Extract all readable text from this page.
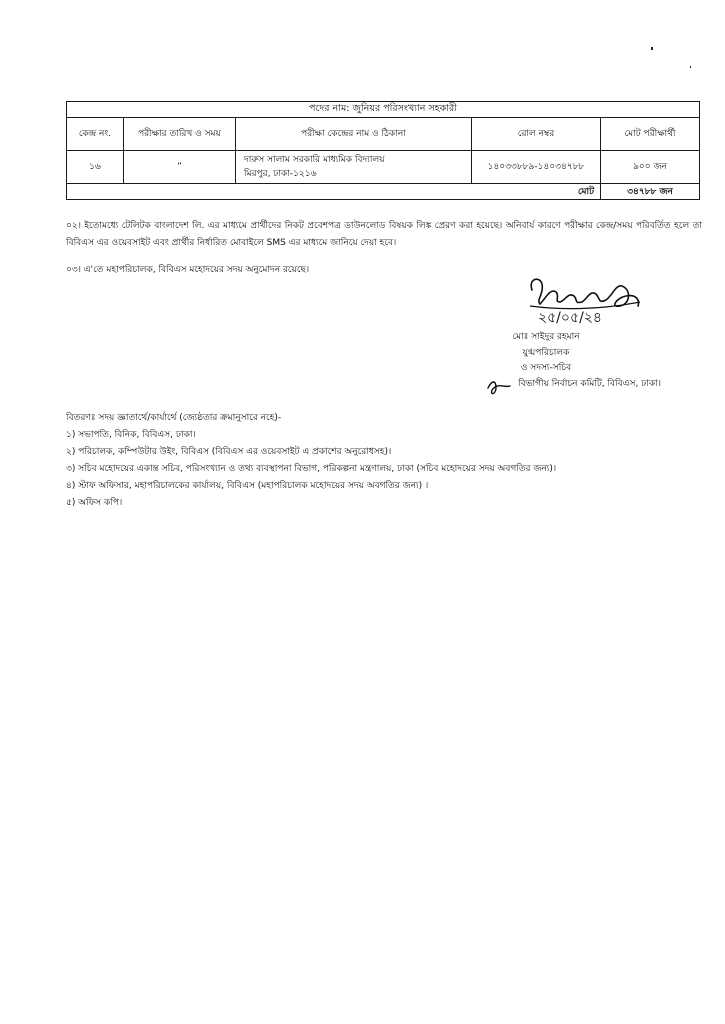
পদের নাম: জুনিয়র পরিসংখ্যান সহকারী				
কেন্দ্র নং.	পরীক্ষার তারিখ ও সময়	পরীক্ষা কেন্দ্রের নাম ও ঠিকানা	রোল নম্বর	মোট পরীক্ষার্থী
১৬	”	দারুস সালাম সরকারি মাধ্যমিক বিদ্যালয়
মিরপুর, ঢাকা-১২১৬	১৪০৩৩৮৮৯-১৪০৩৪৭৮৮	৯০০ জন
			মোট	৩৪৭৮৮ জন
০২। ইতোমধ্যে টেলিটক বাংলাদেশ লি. এর মাধ্যমে প্রার্থীদের নিকট প্রবেশপত্র ডাউনলোড বিষয়ক লিঙ্ক প্রেরণ করা হয়েছে। অনিবার্য কারণে পরীক্ষার কেন্দ্র/সময় পরিবর্তিত হলে তা বিবিএস এর ওয়েবসাইট এবং প্রার্থীর নির্ধারিত মোবাইলে SMS এর মাধ্যমে জানিয়ে দেয়া হবে।
০৩। এ'তে মহাপরিচালক, বিবিএস মহোদয়ের সদয় অনুমোদন রয়েছে।
২৫/০৫/২৪
মোঃ সাইদুর রহমান
যুগ্মপরিচালক
ও সদস্য-সচিব
বিভাগীয় নির্বাচন কমিটি, বিবিএস, ঢাকা।
বিতরণঃ সদয় জ্ঞাতার্থে/কার্যার্থে (জ্যেষ্ঠতার ক্রমানুসারে নহে)-
১) সভাপতি, বিনিক, বিবিএস, ঢাকা।
২) পরিচালক, কম্পিউটার উইং, বিবিএস (বিবিএস এর ওয়েবসাইট এ প্রকাশের অনুরোধসহ)।
৩) সচিব মহোদয়ের একান্ত সচিব, পরিসংখ্যান ও তথ্য ব্যবস্থাপনা বিভাগ, পরিকল্পনা মন্ত্রণালয়, ঢাকা (সচিব মহোদয়ের সদয় অবগতির জন্য)।
৪) স্টাফ অফিসার, মহাপরিচালকের কার্যালয়, বিবিএস (মহাপরিচালক মহোদয়ের সদয় অবগতির জন্য) ।
৫) অফিস কপি।
